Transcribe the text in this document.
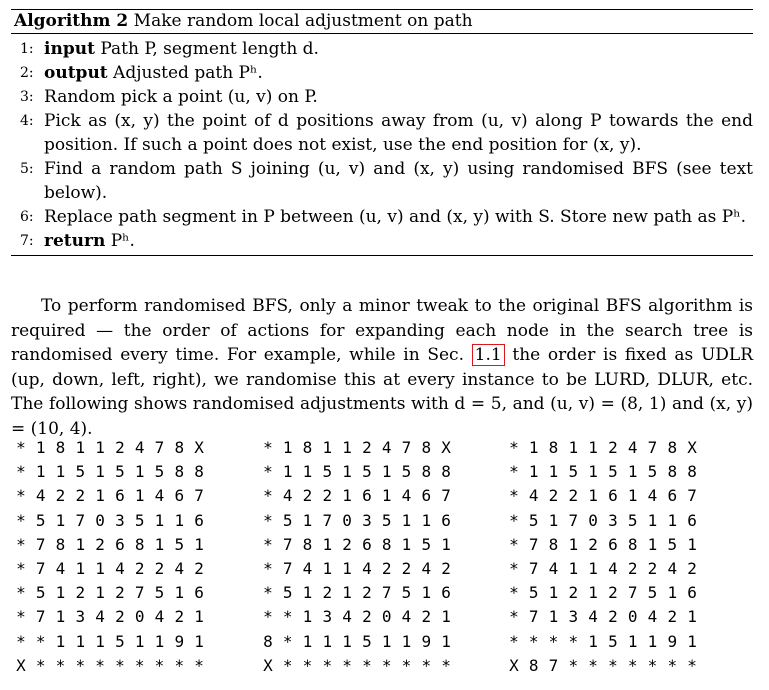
Algorithm 2 Make random local adjustment on path
1: input Path P, segment length d.
2: output Adjusted path Pʰ.
3: Random pick a point (u, v) on P.
4: Pick as (x, y) the point of d positions away from (u, v) along P towards the end position. If such a point does not exist, use the end position for (x, y).
5: Find a random path S joining (u, v) and (x, y) using randomised BFS (see text below).
6: Replace path segment in P between (u, v) and (x, y) with S. Store new path as Pʰ.
7: return Pʰ.
To perform randomised BFS, only a minor tweak to the original BFS algorithm is required — the order of actions for expanding each node in the search tree is randomised every time. For example, while in Sec. 1.1 the order is fixed as UDLR (up, down, left, right), we randomise this at every instance to be LURD, DLUR, etc. The following shows randomised adjustments with d = 5, and (u, v) = (8, 1) and (x, y) = (10, 4).
* 1 8 1 1 2 4 7 8 X
* 1 1 5 1 5 1 5 8 8
* 4 2 2 1 6 1 4 6 7
* 5 1 7 0 3 5 1 1 6
* 7 8 1 2 6 8 1 5 1
* 7 4 1 1 4 2 2 4 2
* 5 1 2 1 2 7 5 1 6
* 7 1 3 4 2 0 4 2 1
* * 1 1 1 5 1 1 9 1
X * * * * * * * * *
* 1 8 1 1 2 4 7 8 X
* 1 1 5 1 5 1 5 8 8
* 4 2 2 1 6 1 4 6 7
* 5 1 7 0 3 5 1 1 6
* 7 8 1 2 6 8 1 5 1
* 7 4 1 1 4 2 2 4 2
* 5 1 2 1 2 7 5 1 6
* * 1 3 4 2 0 4 2 1
8 * 1 1 1 5 1 1 9 1
X * * * * * * * * *
* 1 8 1 1 2 4 7 8 X
* 1 1 5 1 5 1 5 8 8
* 4 2 2 1 6 1 4 6 7
* 5 1 7 0 3 5 1 1 6
* 7 8 1 2 6 8 1 5 1
* 7 4 1 1 4 2 2 4 2
* 5 1 2 1 2 7 5 1 6
* 7 1 3 4 2 0 4 2 1
* * * * 1 5 1 1 9 1
X 8 7 * * * * * * *
